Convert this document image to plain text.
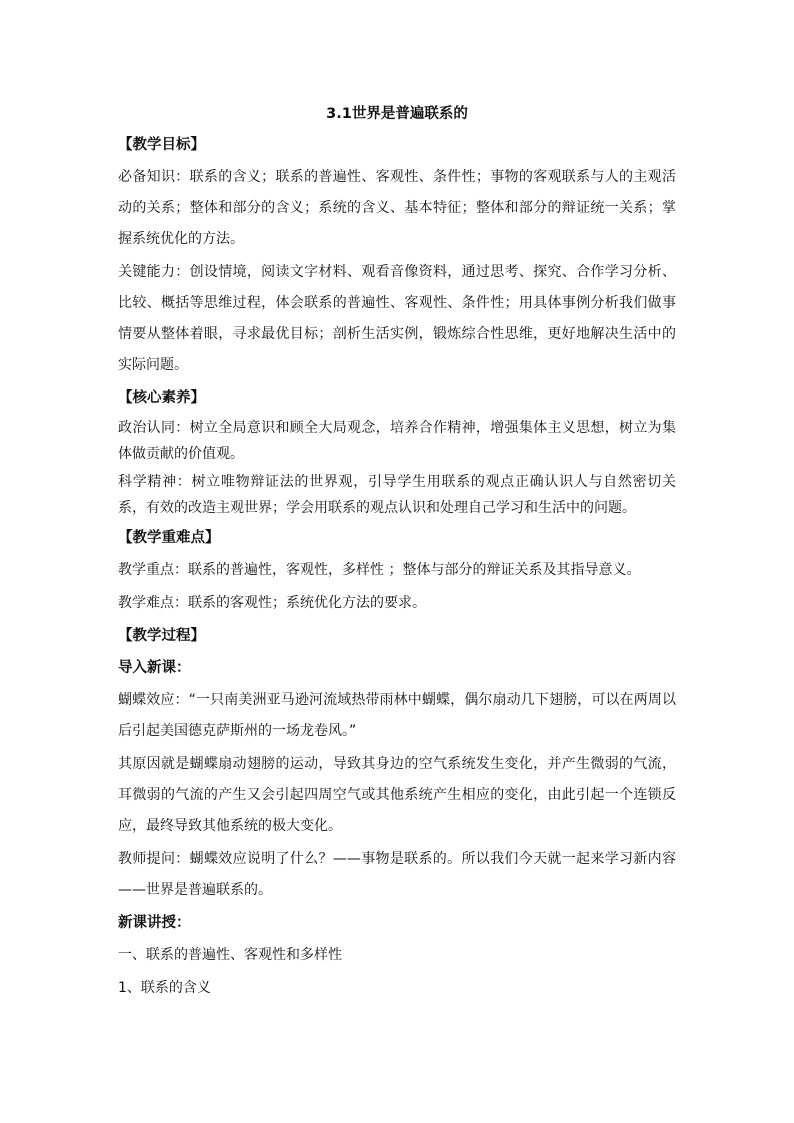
3.1世界是普遍联系的
【教学目标】
必备知识：联系的含义；联系的普遍性、客观性、条件性；事物的客观联系与人的主观活动的关系；整体和部分的含义；系统的含义、基本特征；整体和部分的辩证统一关系；掌握系统优化的方法。
关键能力：创设情境，阅读文字材料、观看音像资料，通过思考、探究、合作学习分析、比较、概括等思维过程，体会联系的普遍性、客观性、条件性；用具体事例分析我们做事情要从整体着眼，寻求最优目标；剖析生活实例，锻炼综合性思维，更好地解决生活中的实际问题。
【核心素养】
政治认同：树立全局意识和顾全大局观念，培养合作精神，增强集体主义思想，树立为集体做贡献的价值观。
科学精神：树立唯物辩证法的世界观，引导学生用联系的观点正确认识人与自然密切关系，有效的改造主观世界；学会用联系的观点认识和处理自己学习和生活中的问题。
【教学重难点】
教学重点：联系的普遍性，客观性，多样性 ；整体与部分的辩证关系及其指导意义。
教学难点：联系的客观性；系统优化方法的要求。
【教学过程】
导入新课：
蝴蝶效应：“一只南美洲亚马逊河流域热带雨林中蝴蝶，偶尔扇动几下翅膀，可以在两周以后引起美国德克萨斯州的一场龙卷风。”
其原因就是蝴蝶扇动翅膀的运动，导致其身边的空气系统发生变化，并产生微弱的气流，耳微弱的气流的产生又会引起四周空气或其他系统产生相应的变化，由此引起一个连锁反应，最终导致其他系统的极大变化。
教师提问：蝴蝶效应说明了什么？——事物是联系的。所以我们今天就一起来学习新内容——世界是普遍联系的。
新课讲授：
一、联系的普遍性、客观性和多样性
1、联系的含义
